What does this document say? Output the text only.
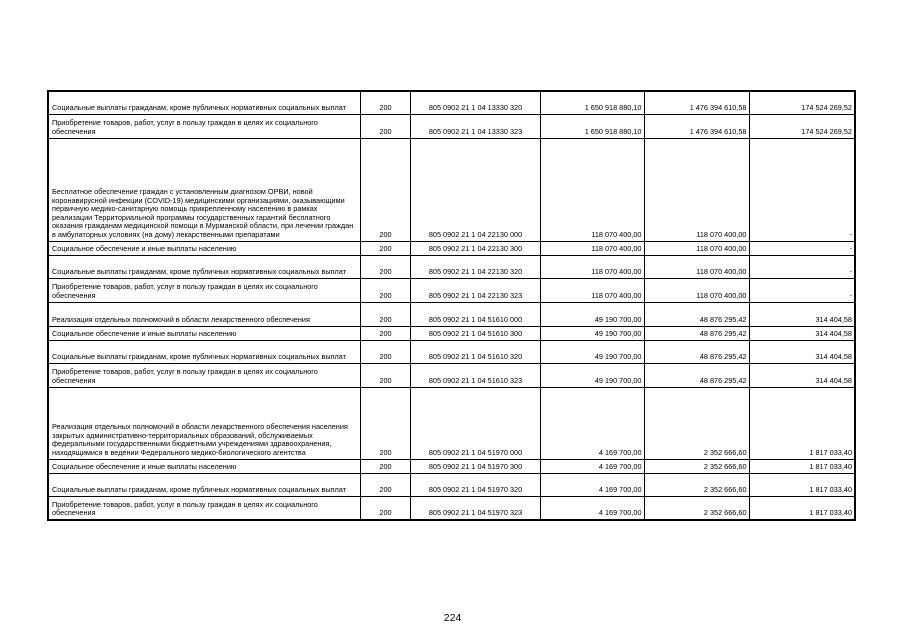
Социальные выплаты гражданам, кроме публичных нормативных социальных выплат	200	805 0902 21 1 04 13330 320	1 650 918 880,10	1 476 394 610,58	174 524 269,52
Приобретение товаров, работ, услуг в пользу граждан в целях их социального обеспечения	200	805 0902 21 1 04 13330 323	1 650 918 880,10	1 476 394 610,58	174 524 269,52
Бесплатное обеспечение граждан с установленным диагнозом ОРВИ, новой коронавирусной инфекции (COVID-19) медицинскими организациями, оказывающими первичную медико-санитарную помощь прикрепленному населению в рамках реализации Территориальной программы государственных гарантий бесплатного оказания гражданам медицинской помощи в Мурманской области, при лечении граждан в амбулаторных условиях (на дому) лекарственными препаратами	200	805 0902 21 1 04 22130 000	118 070 400,00	118 070 400,00	-
Социальное обеспечение и иные выплаты населению	200	805 0902 21 1 04 22130 300	118 070 400,00	118 070 400,00	-
Социальные выплаты гражданам, кроме публичных нормативных социальных выплат	200	805 0902 21 1 04 22130 320	118 070 400,00	118 070 400,00	-
Приобретение товаров, работ, услуг в пользу граждан в целях их социального обеспечения	200	805 0902 21 1 04 22130 323	118 070 400,00	118 070 400,00	-
Реализация отдельных полномочий в области лекарственного обеспечения	200	805 0902 21 1 04 51610 000	49 190 700,00	48 876 295,42	314 404,58
Социальное обеспечение и иные выплаты населению	200	805 0902 21 1 04 51610 300	49 190 700,00	48 876 295,42	314 404,58
Социальные выплаты гражданам, кроме публичных нормативных социальных выплат	200	805 0902 21 1 04 51610 320	49 190 700,00	48 876 295,42	314 404,58
Приобретение товаров, работ, услуг в пользу граждан в целях их социального обеспечения	200	805 0902 21 1 04 51610 323	49 190 700,00	48 876 295,42	314 404,58
Реализация отдельных полномочий в области лекарственного обеспечения населения закрытых административно-территориальных образований, обслуживаемых федеральными государственными бюджетными учреждениями здравоохранения, находящимися в ведении Федерального медико-биологического агентства	200	805 0902 21 1 04 51970 000	4 169 700,00	2 352 666,60	1 817 033,40
Социальное обеспечение и иные выплаты населению	200	805 0902 21 1 04 51970 300	4 169 700,00	2 352 666,60	1 817 033,40
Социальные выплаты гражданам, кроме публичных нормативных социальных выплат	200	805 0902 21 1 04 51970 320	4 169 700,00	2 352 666,60	1 817 033,40
Приобретение товаров, работ, услуг в пользу граждан в целях их социального обеспечения	200	805 0902 21 1 04 51970 323	4 169 700,00	2 352 666,60	1 817 033,40
224
